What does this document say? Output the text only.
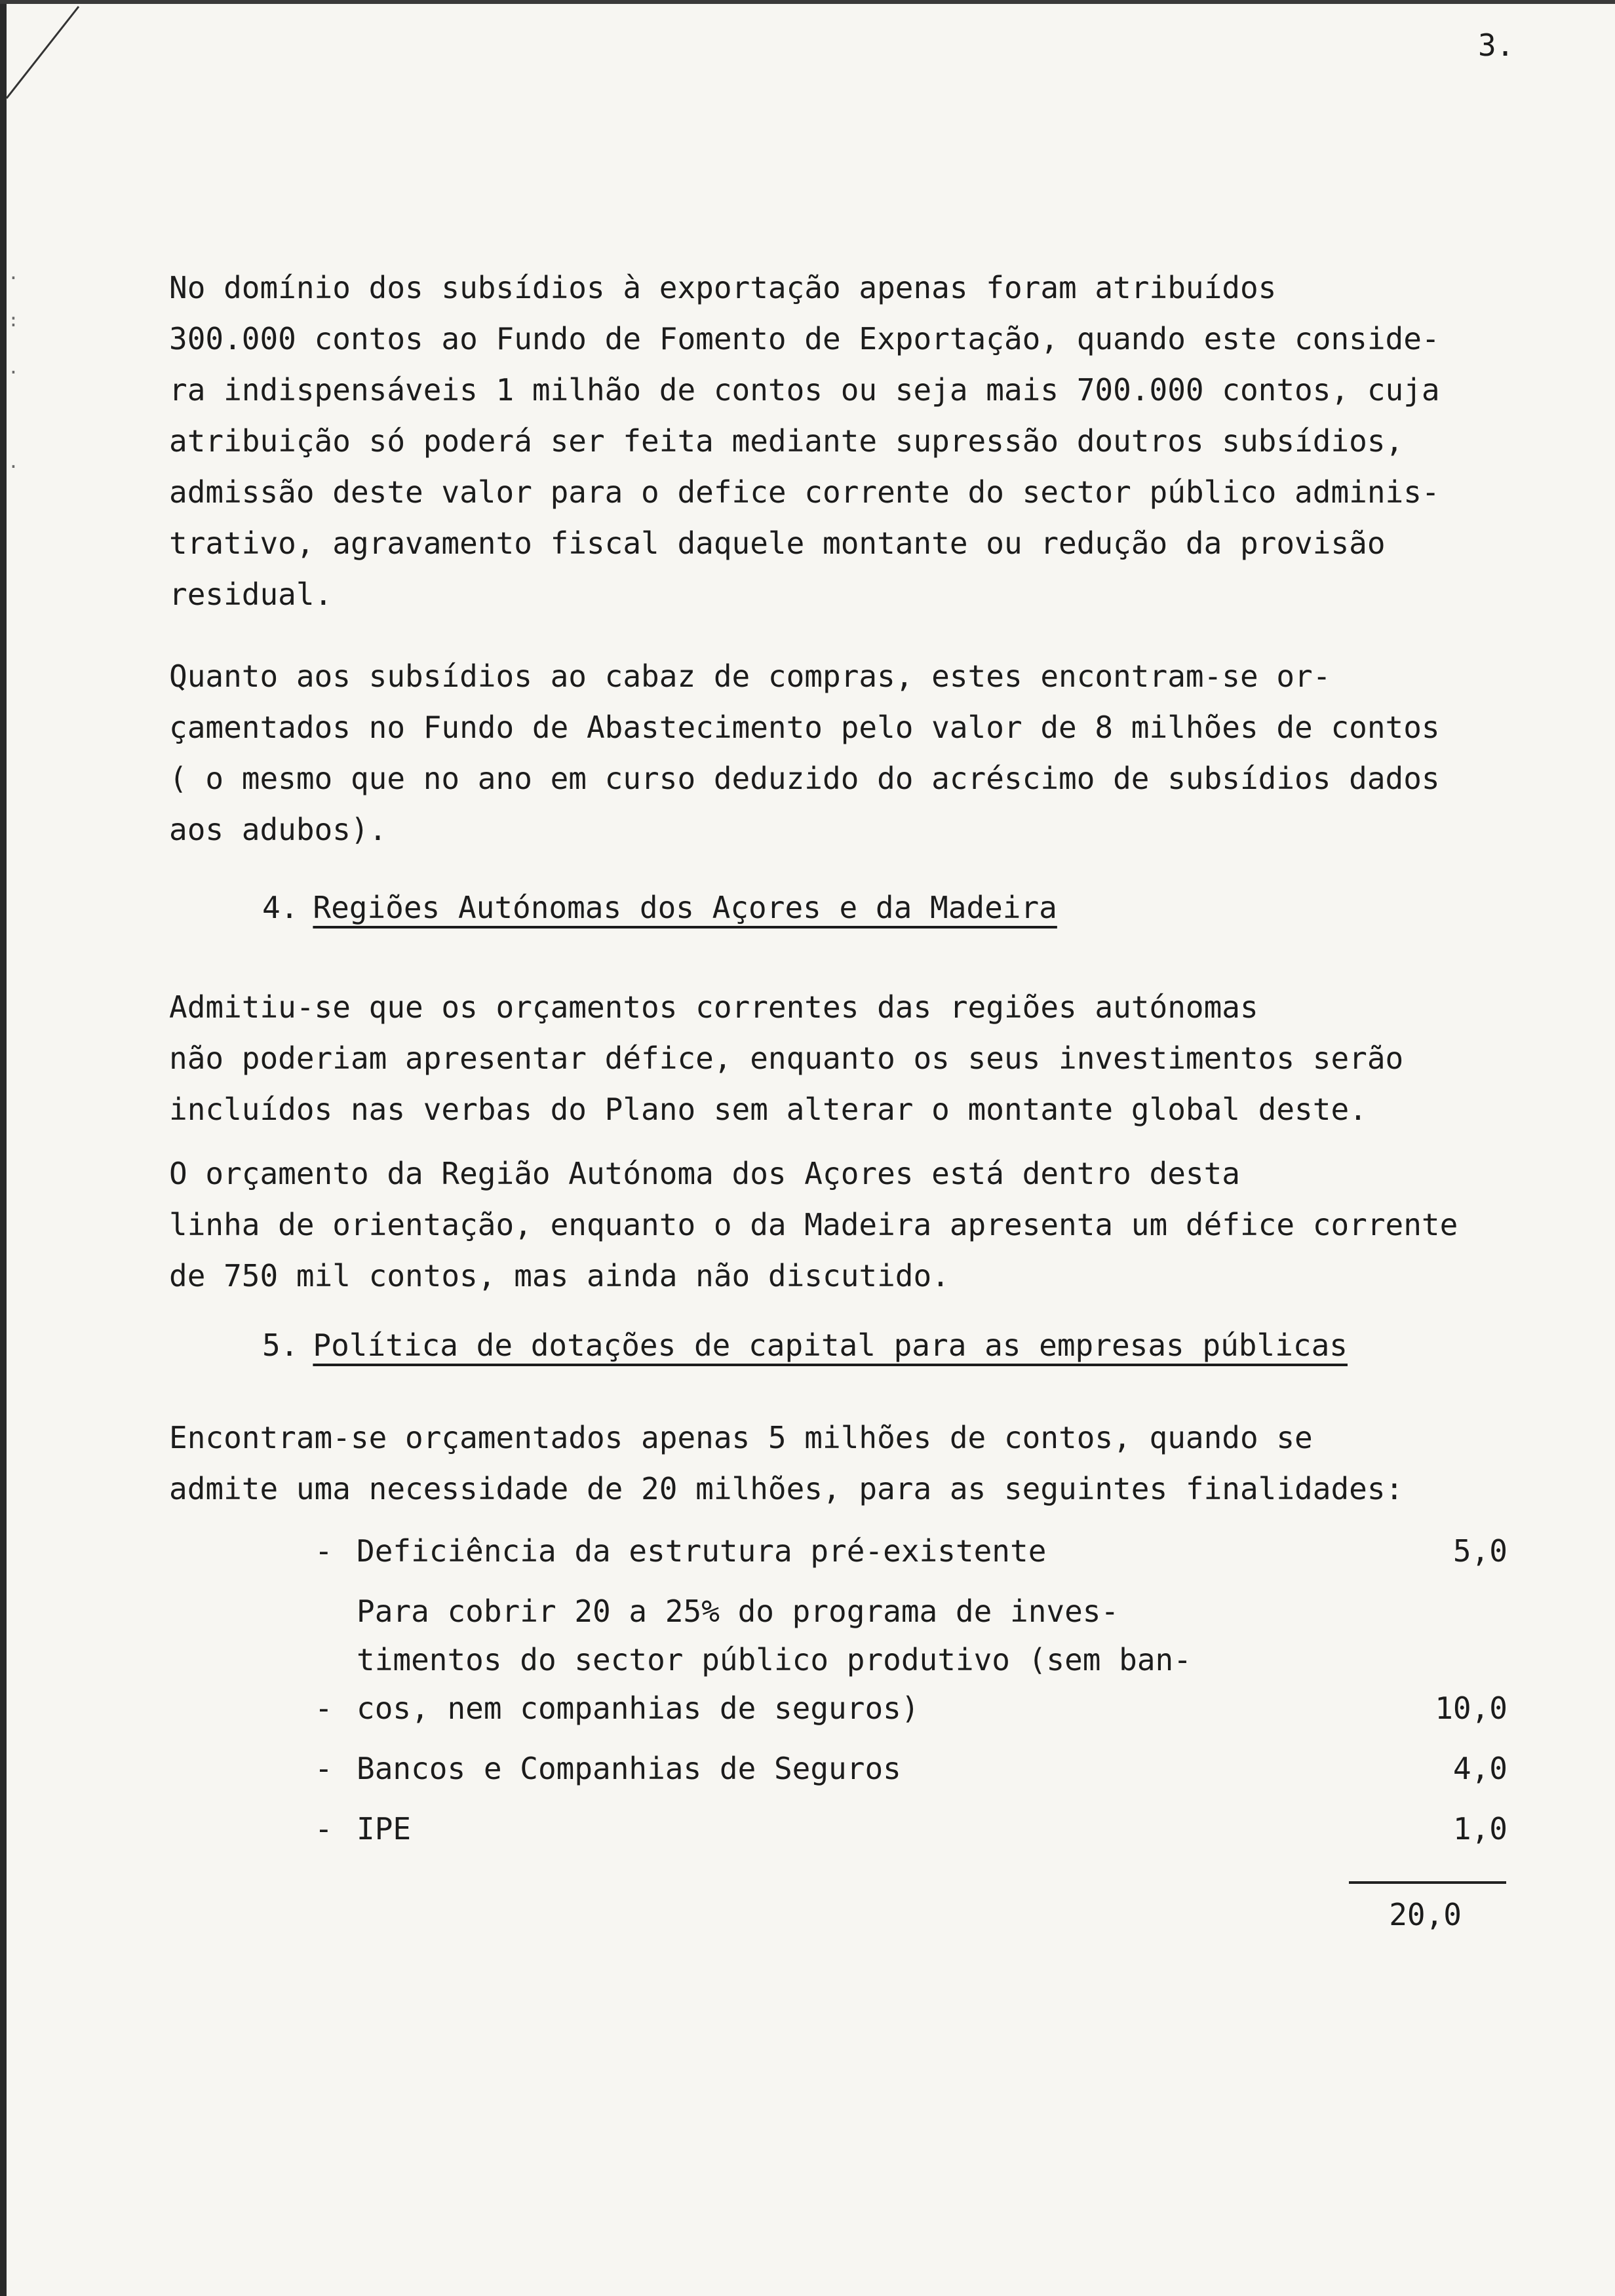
.
:
.
.
3.

No domínio dos subsídios à exportação apenas foram atribuídos
300.000 contos ao Fundo de Fomento de Exportação, quando este conside-
ra indispensáveis 1 milhão de contos ou seja mais 700.000 contos, cuja
atribuição só poderá ser feita mediante supressão doutros subsídios,
admissão deste valor para o defice corrente do sector público adminis-
trativo, agravamento fiscal daquele montante ou redução da provisão
residual.

Quanto aos subsídios ao cabaz de compras, estes encontram-se or-
çamentados no Fundo de Abastecimento pelo valor de 8 milhões de contos
( o mesmo que no ano em curso deduzido do acréscimo de subsídios dados
aos adubos).

4. Regiões Autónomas dos Açores e da Madeira

Admitiu-se que os orçamentos correntes das regiões autónomas
não poderiam apresentar défice, enquanto os seus investimentos serão
incluídos nas verbas do Plano sem alterar o montante global deste.

O orçamento da Região Autónoma dos Açores está dentro desta
linha de orientação, enquanto o da Madeira apresenta um défice corrente
de 750 mil contos, mas ainda não discutido.

5. Política de dotações de capital para as empresas públicas

Encontram-se orçamentados apenas 5 milhões de contos, quando se
admite uma necessidade de 20 milhões, para as seguintes finalidades:

- Deficiência da estrutura pré-existente	5,0
-
Para cobrir 20 a 25% do programa de inves-
timentos do sector público produtivo (sem ban-
cos, nem companhias de seguros)	10,0
- Bancos e Companhias de Seguros	4,0
- IPE	1,0
20,0
